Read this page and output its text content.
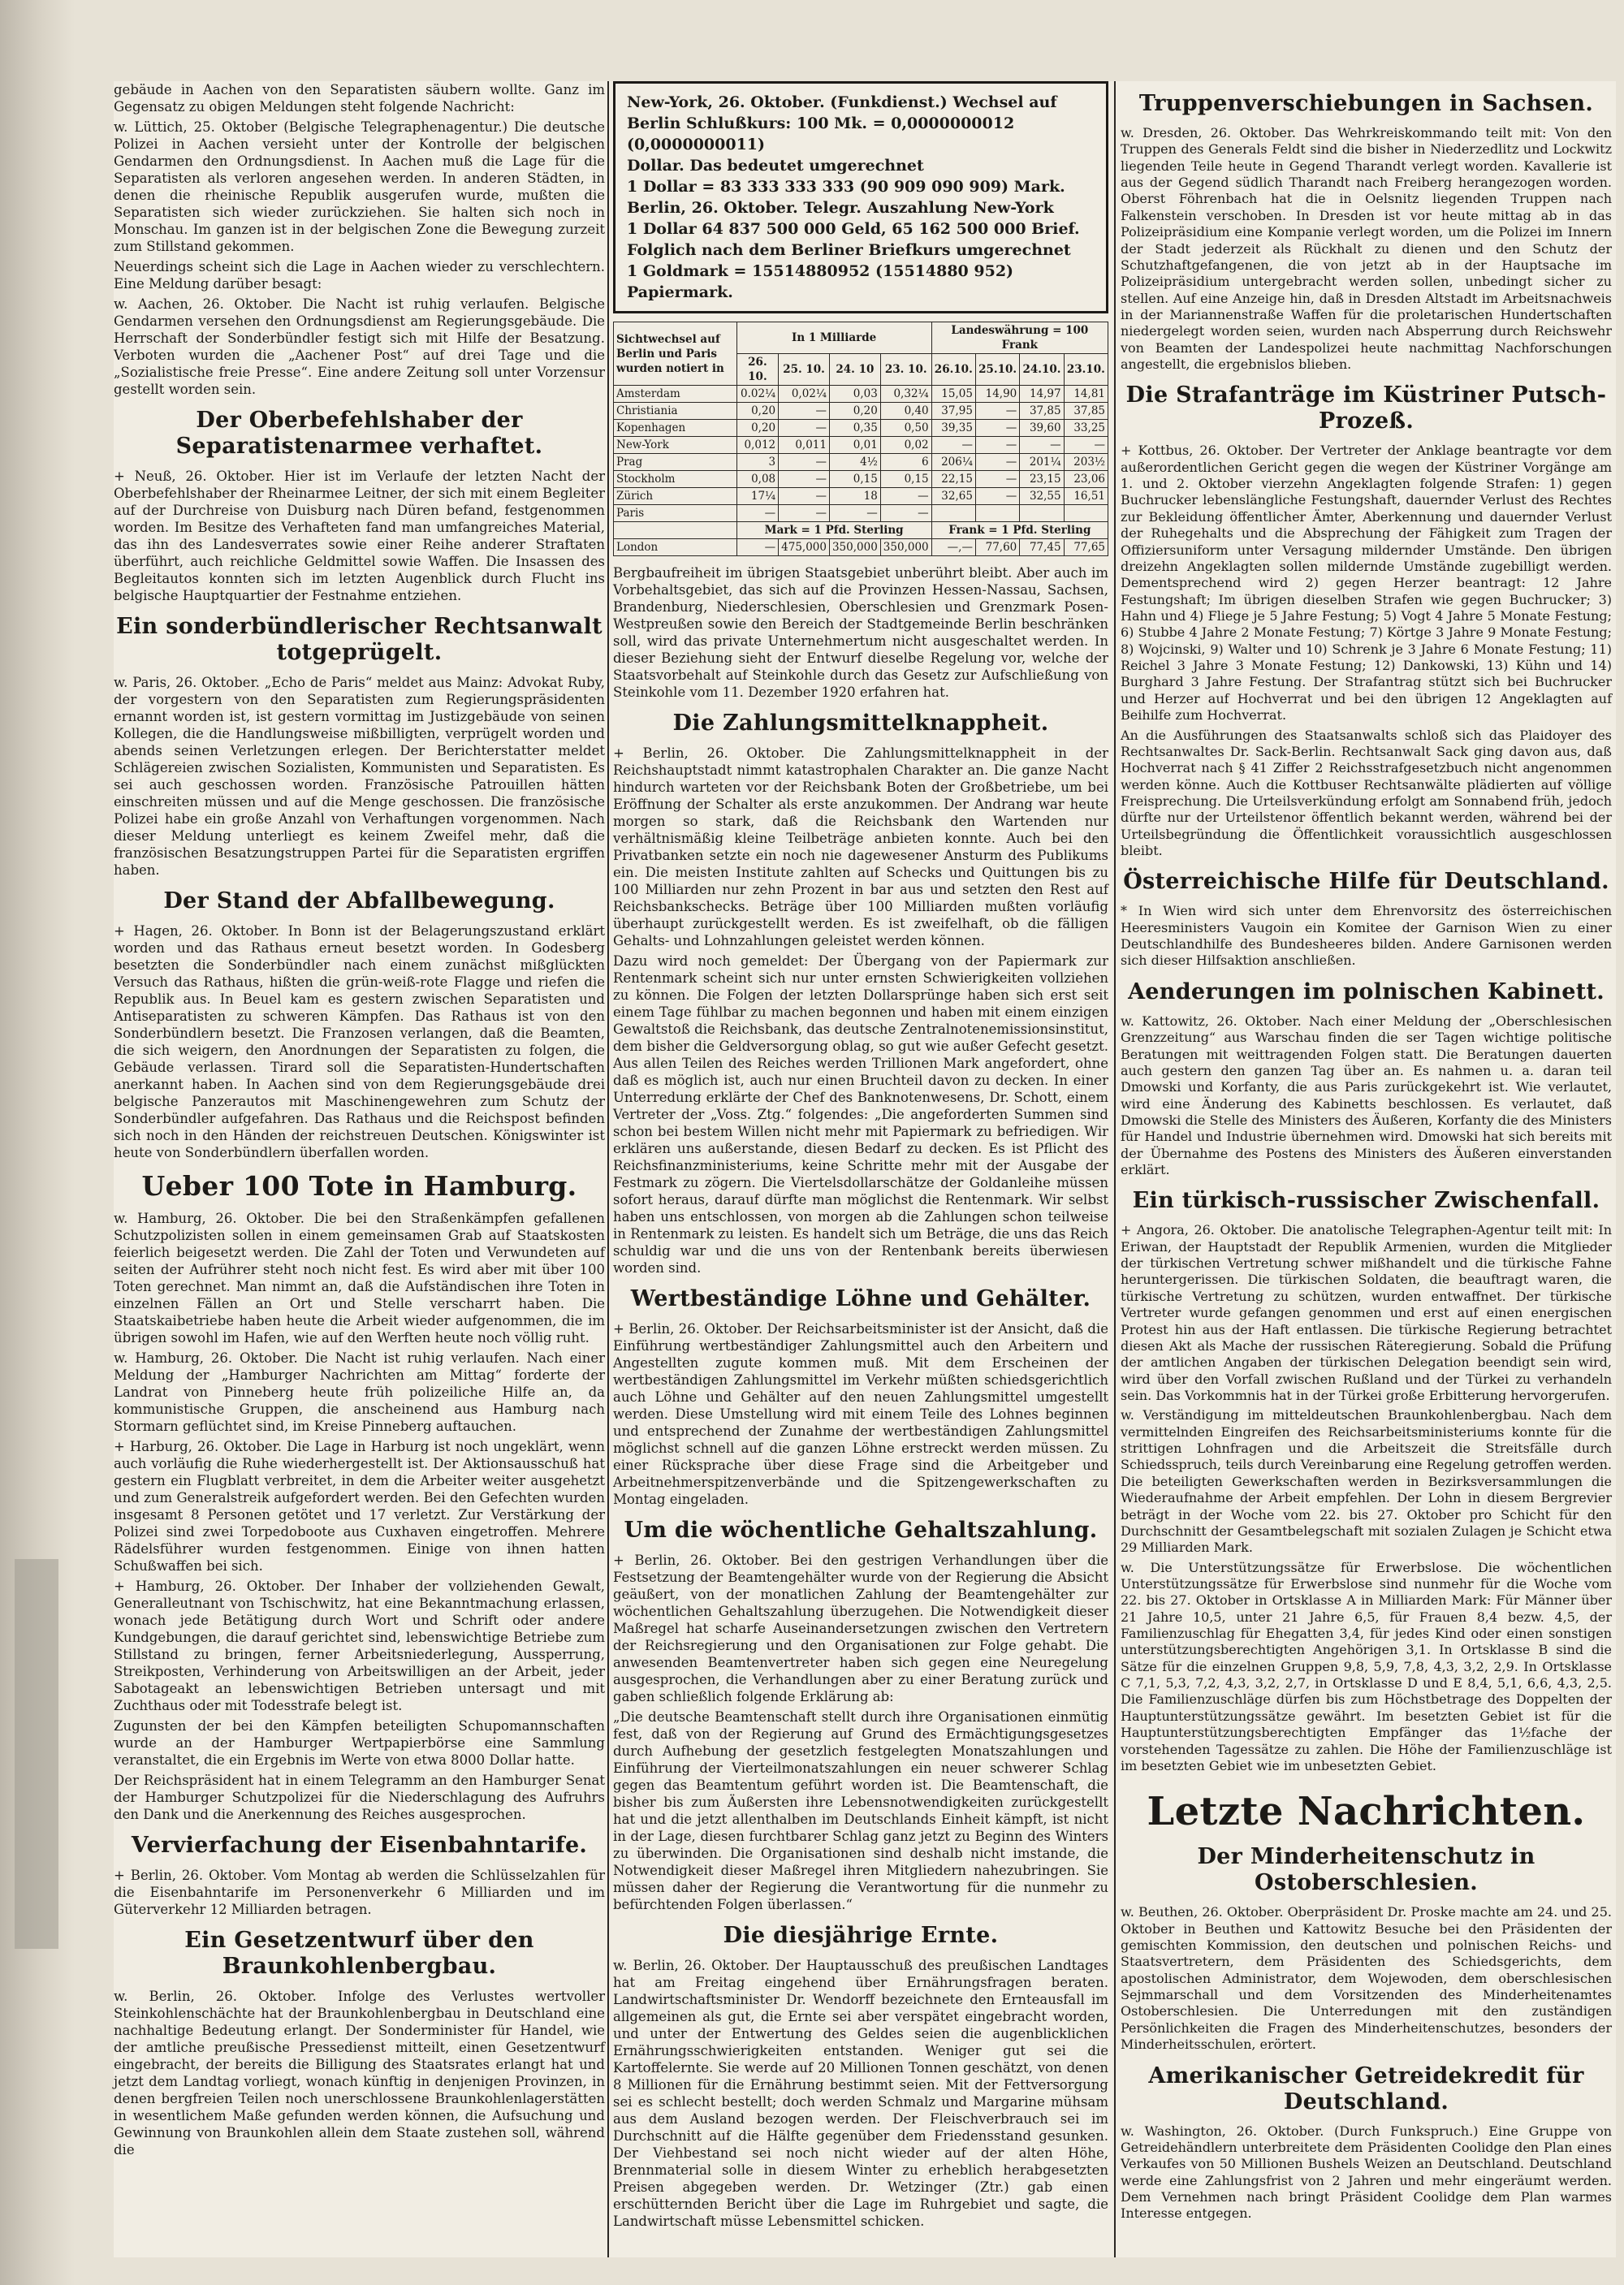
gebäude in Aachen von den Separatisten säubern wollte. Ganz im Gegensatz zu obigen Meldungen steht folgende Nachricht:

w. Lüttich, 25. Oktober (Belgische Telegraphenagentur.) Die deutsche Polizei in Aachen versieht unter der Kontrolle der belgischen Gendarmen den Ordnungsdienst. In Aachen muß die Lage für die Separatisten als verloren angesehen werden. In anderen Städten, in denen die rheinische Republik ausgerufen wurde, mußten die Separatisten sich wieder zurückziehen. Sie halten sich noch in Monschau. Im ganzen ist in der belgischen Zone die Bewegung zurzeit zum Stillstand gekommen.

Neuerdings scheint sich die Lage in Aachen wieder zu verschlechtern. Eine Meldung darüber besagt:

w. Aachen, 26. Oktober. Die Nacht ist ruhig verlaufen. Belgische Gendarmen versehen den Ordnungsdienst am Regierungsgebäude. Die Herrschaft der Sonderbündler festigt sich mit Hilfe der Besatzung. Verboten wurden die „Aachener Post“ auf drei Tage und die „Sozialistische freie Presse“. Eine andere Zeitung soll unter Vorzensur gestellt worden sein.

Der Oberbefehlshaber der Separatistenarmee verhaftet.

+ Neuß, 26. Oktober. Hier ist im Verlaufe der letzten Nacht der Oberbefehlshaber der Rheinarmee Leitner, der sich mit einem Begleiter auf der Durchreise von Duisburg nach Düren befand, festgenommen worden. Im Besitze des Verhafteten fand man umfangreiches Material, das ihn des Landesverrates sowie einer Reihe anderer Straftaten überführt, auch reichliche Geldmittel sowie Waffen. Die Insassen des Begleitautos konnten sich im letzten Augenblick durch Flucht ins belgische Hauptquartier der Festnahme entziehen.

Ein sonderbündlerischer Rechtsanwalt totgeprügelt.

w. Paris, 26. Oktober. „Echo de Paris“ meldet aus Mainz: Advokat Ruby, der vorgestern von den Separatisten zum Regierungspräsidenten ernannt worden ist, ist gestern vormittag im Justizgebäude von seinen Kollegen, die die Handlungsweise mißbilligten, verprügelt worden und abends seinen Verletzungen erlegen. Der Berichterstatter meldet Schlägereien zwischen Sozialisten, Kommunisten und Separatisten. Es sei auch geschossen worden. Französische Patrouillen hätten einschreiten müssen und auf die Menge geschossen. Die französische Polizei habe ein große Anzahl von Verhaftungen vorgenommen. Nach dieser Meldung unterliegt es keinem Zweifel mehr, daß die französischen Besatzungstruppen Partei für die Separatisten ergriffen haben.

Der Stand der Abfallbewegung.

+ Hagen, 26. Oktober. In Bonn ist der Belagerungszustand erklärt worden und das Rathaus erneut besetzt worden. In Godesberg besetzten die Sonderbündler nach einem zunächst mißglückten Versuch das Rathaus, hißten die grün-weiß-rote Flagge und riefen die Republik aus. In Beuel kam es gestern zwischen Separatisten und Antiseparatisten zu schweren Kämpfen. Das Rathaus ist von den Sonderbündlern besetzt. Die Franzosen verlangen, daß die Beamten, die sich weigern, den Anordnungen der Separatisten zu folgen, die Gebäude verlassen. Tirard soll die Separatisten-Hundertschaften anerkannt haben. In Aachen sind von dem Regierungsgebäude drei belgische Panzerautos mit Maschinengewehren zum Schutz der Sonderbündler aufgefahren. Das Rathaus und die Reichspost befinden sich noch in den Händen der reichstreuen Deutschen. Königswinter ist heute von Sonderbündlern überfallen worden.

Ueber 100 Tote in Hamburg.

w. Hamburg, 26. Oktober. Die bei den Straßenkämpfen gefallenen Schutzpolizisten sollen in einem gemeinsamen Grab auf Staatskosten feierlich beigesetzt werden. Die Zahl der Toten und Verwundeten auf seiten der Aufrührer steht noch nicht fest. Es wird aber mit über 100 Toten gerechnet. Man nimmt an, daß die Aufständischen ihre Toten in einzelnen Fällen an Ort und Stelle verscharrt haben. Die Staatskaibetriebe haben heute die Arbeit wieder aufgenommen, die im übrigen sowohl im Hafen, wie auf den Werften heute noch völlig ruht.

w. Hamburg, 26. Oktober. Die Nacht ist ruhig verlaufen. Nach einer Meldung der „Hamburger Nachrichten am Mittag“ forderte der Landrat von Pinneberg heute früh polizeiliche Hilfe an, da kommunistische Gruppen, die anscheinend aus Hamburg nach Stormarn geflüchtet sind, im Kreise Pinneberg auftauchen.

+ Harburg, 26. Oktober. Die Lage in Harburg ist noch ungeklärt, wenn auch vorläufig die Ruhe wiederhergestellt ist. Der Aktionsausschuß hat gestern ein Flugblatt verbreitet, in dem die Arbeiter weiter ausgehetzt und zum Generalstreik aufgefordert werden. Bei den Gefechten wurden insgesamt 8 Personen getötet und 17 verletzt. Zur Verstärkung der Polizei sind zwei Torpedoboote aus Cuxhaven eingetroffen. Mehrere Rädelsführer wurden festgenommen. Einige von ihnen hatten Schußwaffen bei sich.

+ Hamburg, 26. Oktober. Der Inhaber der vollziehenden Gewalt, Generalleutnant von Tschischwitz, hat eine Bekanntmachung erlassen, wonach jede Betätigung durch Wort und Schrift oder andere Kundgebungen, die darauf gerichtet sind, lebenswichtige Betriebe zum Stillstand zu bringen, ferner Arbeitsniederlegung, Aussperrung, Streikposten, Verhinderung von Arbeitswilligen an der Arbeit, jeder Sabotageakt an lebenswichtigen Betrieben untersagt und mit Zuchthaus oder mit Todesstrafe belegt ist.

Zugunsten der bei den Kämpfen beteiligten Schupomannschaften wurde an der Hamburger Wertpapierbörse eine Sammlung veranstaltet, die ein Ergebnis im Werte von etwa 8000 Dollar hatte.

Der Reichspräsident hat in einem Telegramm an den Hamburger Senat der Hamburger Schutzpolizei für die Niederschlagung des Aufruhrs den Dank und die Anerkennung des Reiches ausgesprochen.

Vervierfachung der Eisenbahntarife.

+ Berlin, 26. Oktober. Vom Montag ab werden die Schlüsselzahlen für die Eisenbahntarife im Personenverkehr 6 Milliarden und im Güterverkehr 12 Milliarden betragen.

Ein Gesetzentwurf über den Braunkohlenbergbau.

w. Berlin, 26. Oktober. Infolge des Verlustes wertvoller Steinkohlenschächte hat der Braunkohlenbergbau in Deutschland eine nachhaltige Bedeutung erlangt. Der Sonderminister für Handel, wie der amtliche preußische Pressedienst mitteilt, einen Gesetzentwurf eingebracht, der bereits die Billigung des Staatsrates erlangt hat und jetzt dem Landtag vorliegt, wonach künftig in denjenigen Provinzen, in denen bergfreien Teilen noch unerschlossene Braunkohlenlagerstätten in wesentlichem Maße gefunden werden können, die Aufsuchung und Gewinnung von Braunkohlen allein dem Staate zustehen soll, während die

New-York, 26. Oktober. (Funkdienst.) Wechsel auf Berlin Schlußkurs: 100 Mk. = 0,0000000012 (0,0000000011)

Dollar. Das bedeutet umgerechnet

1 Dollar = 83 333 333 333 (90 909 090 909) Mark.

Berlin, 26. Oktober. Telegr. Auszahlung New-York

1 Dollar 64 837 500 000 Geld, 65 162 500 000 Brief.

Folglich nach dem Berliner Briefkurs umgerechnet

1 Goldmark = 15514880952 (15514880 952) Papiermark.

Sichtwechsel auf Berlin und Paris wurden notiert in	In 1 Milliarde				Landeswährung = 100 Frank			
	26. 10.	25. 10.	24. 10	23. 10.	26.10.	25.10.	24.10.	23.10.
Amsterdam	0.02¼	0,02¼	0,03	0,32¼	15,05	14,90	14,97	14,81
Christiania	0,20	—	0,20	0,40	37,95	—	37,85	37,85
Kopenhagen	0,20	—	0,35	0,50	39,35	—	39,60	33,25
New-York	0,012	0,011	0,01	0,02	—	—	—	—
Prag	3	—	4½	6	206¼	—	201¼	203½
Stockholm	0,08	—	0,15	0,15	22,15	—	23,15	23,06
Zürich	17¼	—	18	—	32,65	—	32,55	16,51
Paris	—	—	—	—				
	Mark = 1 Pfd. Sterling				Frank = 1 Pfd. Sterling			
London	—	475,000	350,000	350,000	—,—	77,60	77,45	77,65

Bergbaufreiheit im übrigen Staatsgebiet unberührt bleibt. Aber auch im Vorbehaltsgebiet, das sich auf die Provinzen Hessen-Nassau, Sachsen, Brandenburg, Niederschlesien, Oberschlesien und Grenzmark Posen-Westpreußen sowie den Bereich der Stadtgemeinde Berlin beschränken soll, wird das private Unternehmertum nicht ausgeschaltet werden. In dieser Beziehung sieht der Entwurf dieselbe Regelung vor, welche der Staatsvorbehalt auf Steinkohle durch das Gesetz zur Aufschließung von Steinkohle vom 11. Dezember 1920 erfahren hat.

Die Zahlungsmittelknappheit.

+ Berlin, 26. Oktober. Die Zahlungsmittelknappheit in der Reichshauptstadt nimmt katastrophalen Charakter an. Die ganze Nacht hindurch warteten vor der Reichsbank Boten der Großbetriebe, um bei Eröffnung der Schalter als erste anzukommen. Der Andrang war heute morgen so stark, daß die Reichsbank den Wartenden nur verhältnismäßig kleine Teilbeträge anbieten konnte. Auch bei den Privatbanken setzte ein noch nie dagewesener Ansturm des Publikums ein. Die meisten Institute zahlten auf Schecks und Quittungen bis zu 100 Milliarden nur zehn Prozent in bar aus und setzten den Rest auf Reichsbankschecks. Beträge über 100 Milliarden mußten vorläufig überhaupt zurückgestellt werden. Es ist zweifelhaft, ob die fälligen Gehalts- und Lohnzahlungen geleistet werden können.

Dazu wird noch gemeldet: Der Übergang von der Papiermark zur Rentenmark scheint sich nur unter ernsten Schwierigkeiten vollziehen zu können. Die Folgen der letzten Dollarsprünge haben sich erst seit einem Tage fühlbar zu machen begonnen und haben mit einem einzigen Gewaltstoß die Reichsbank, das deutsche Zentralnotenemissionsinstitut, dem bisher die Geldversorgung oblag, so gut wie außer Gefecht gesetzt. Aus allen Teilen des Reiches werden Trillionen Mark angefordert, ohne daß es möglich ist, auch nur einen Bruchteil davon zu decken. In einer Unterredung erklärte der Chef des Banknotenwesens, Dr. Schott, einem Vertreter der „Voss. Ztg.“ folgendes: „Die angeforderten Summen sind schon bei bestem Willen nicht mehr mit Papiermark zu befriedigen. Wir erklären uns außerstande, diesen Bedarf zu decken. Es ist Pflicht des Reichsfinanzministeriums, keine Schritte mehr mit der Ausgabe der Festmark zu zögern. Die Viertelsdollarschätze der Goldanleihe müssen sofort heraus, darauf dürfte man möglichst die Rentenmark. Wir selbst haben uns entschlossen, von morgen ab die Zahlungen schon teilweise in Rentenmark zu leisten. Es handelt sich um Beträge, die uns das Reich schuldig war und die uns von der Rentenbank bereits überwiesen worden sind.

Wertbeständige Löhne und Gehälter.

+ Berlin, 26. Oktober. Der Reichsarbeitsminister ist der Ansicht, daß die Einführung wertbeständiger Zahlungsmittel auch den Arbeitern und Angestellten zugute kommen muß. Mit dem Erscheinen der wertbeständigen Zahlungsmittel im Verkehr müßten schiedsgerichtlich auch Löhne und Gehälter auf den neuen Zahlungsmittel umgestellt werden. Diese Umstellung wird mit einem Teile des Lohnes beginnen und entsprechend der Zunahme der wertbeständigen Zahlungsmittel möglichst schnell auf die ganzen Löhne erstreckt werden müssen. Zu einer Rücksprache über diese Frage sind die Arbeitgeber und Arbeitnehmerspitzenverbände und die Spitzengewerkschaften zu Montag eingeladen.

Um die wöchentliche Gehaltszahlung.

+ Berlin, 26. Oktober. Bei den gestrigen Verhandlungen über die Festsetzung der Beamtengehälter wurde von der Regierung die Absicht geäußert, von der monatlichen Zahlung der Beamtengehälter zur wöchentlichen Gehaltszahlung überzugehen. Die Notwendigkeit dieser Maßregel hat scharfe Auseinandersetzungen zwischen den Vertretern der Reichsregierung und den Organisationen zur Folge gehabt. Die anwesenden Beamtenvertreter haben sich gegen eine Neuregelung ausgesprochen, die Verhandlungen aber zu einer Beratung zurück und gaben schließlich folgende Erklärung ab:

„Die deutsche Beamtenschaft stellt durch ihre Organisationen einmütig fest, daß von der Regierung auf Grund des Ermächtigungsgesetzes durch Aufhebung der gesetzlich festgelegten Monatszahlungen und Einführung der Vierteilmonatszahlungen ein neuer schwerer Schlag gegen das Beamtentum geführt worden ist. Die Beamtenschaft, die bisher bis zum Äußersten ihre Lebensnotwendigkeiten zurückgestellt hat und die jetzt allenthalben im Deutschlands Einheit kämpft, ist nicht in der Lage, diesen furchtbarer Schlag ganz jetzt zu Beginn des Winters zu überwinden. Die Organisationen sind deshalb nicht imstande, die Notwendigkeit dieser Maßregel ihren Mitgliedern nahezubringen. Sie müssen daher der Regierung die Verantwortung für die nunmehr zu befürchtenden Folgen überlassen.“

Die diesjährige Ernte.

w. Berlin, 26. Oktober. Der Hauptausschuß des preußischen Landtages hat am Freitag eingehend über Ernährungsfragen beraten. Landwirtschaftsminister Dr. Wendorff bezeichnete den Ernteausfall im allgemeinen als gut, die Ernte sei aber verspätet eingebracht worden, und unter der Entwertung des Geldes seien die augenblicklichen Ernährungsschwierigkeiten entstanden. Weniger gut sei die Kartoffelernte. Sie werde auf 20 Millionen Tonnen geschätzt, von denen 8 Millionen für die Ernährung bestimmt seien. Mit der Fettversorgung sei es schlecht bestellt; doch werden Schmalz und Margarine mühsam aus dem Ausland bezogen werden. Der Fleischverbrauch sei im Durchschnitt auf die Hälfte gegenüber dem Friedensstand gesunken. Der Viehbestand sei noch nicht wieder auf der alten Höhe, Brennmaterial solle in diesem Winter zu erheblich herabgesetzten Preisen abgegeben werden. Dr. Wetzinger (Ztr.) gab einen erschütternden Bericht über die Lage im Ruhrgebiet und sagte, die Landwirtschaft müsse Lebensmittel schicken.

Truppenverschiebungen in Sachsen.

w. Dresden, 26. Oktober. Das Wehrkreiskommando teilt mit: Von den Truppen des Generals Feldt sind die bisher in Niederzedlitz und Lockwitz liegenden Teile heute in Gegend Tharandt verlegt worden. Kavallerie ist aus der Gegend südlich Tharandt nach Freiberg herangezogen worden. Oberst Föhrenbach hat die in Oelsnitz liegenden Truppen nach Falkenstein verschoben. In Dresden ist vor heute mittag ab in das Polizeipräsidium eine Kompanie verlegt worden, um die Polizei im Innern der Stadt jederzeit als Rückhalt zu dienen und den Schutz der Schutzhaftgefangenen, die von jetzt ab in der Hauptsache im Polizeipräsidium untergebracht werden sollen, unbedingt sicher zu stellen. Auf eine Anzeige hin, daß in Dresden Altstadt im Arbeitsnachweis in der Mariannenstraße Waffen für die proletarischen Hundertschaften niedergelegt worden seien, wurden nach Absperrung durch Reichswehr von Beamten der Landespolizei heute nachmittag Nachforschungen angestellt, die ergebnislos blieben.

Die Strafanträge im Küstriner Putsch-Prozeß.

+ Kottbus, 26. Oktober. Der Vertreter der Anklage beantragte vor dem außerordentlichen Gericht gegen die wegen der Küstriner Vorgänge am 1. und 2. Oktober vierzehn Angeklagten folgende Strafen: 1) gegen Buchrucker lebenslängliche Festungshaft, dauernder Verlust des Rechtes zur Bekleidung öffentlicher Ämter, Aberkennung und dauernder Verlust der Ruhegehalts und die Absprechung der Fähigkeit zum Tragen der Offiziersuniform unter Versagung mildernder Umstände. Den übrigen dreizehn Angeklagten sollen mildernde Umstände zugebilligt werden. Dementsprechend wird 2) gegen Herzer beantragt: 12 Jahre Festungshaft; Im übrigen dieselben Strafen wie gegen Buchrucker; 3) Hahn und 4) Fliege je 5 Jahre Festung; 5) Vogt 4 Jahre 5 Monate Festung; 6) Stubbe 4 Jahre 2 Monate Festung; 7) Körtge 3 Jahre 9 Monate Festung; 8) Wojcinski, 9) Walter und 10) Schrenk je 3 Jahre 6 Monate Festung; 11) Reichel 3 Jahre 3 Monate Festung; 12) Dankowski, 13) Kühn und 14) Burghard 3 Jahre Festung. Der Strafantrag stützt sich bei Buchrucker und Herzer auf Hochverrat und bei den übrigen 12 Angeklagten auf Beihilfe zum Hochverrat.

An die Ausführungen des Staatsanwalts schloß sich das Plaidoyer des Rechtsanwaltes Dr. Sack-Berlin. Rechtsanwalt Sack ging davon aus, daß Hochverrat nach § 41 Ziffer 2 Reichsstrafgesetzbuch nicht angenommen werden könne. Auch die Kottbuser Rechtsanwälte plädierten auf völlige Freisprechung. Die Urteilsverkündung erfolgt am Sonnabend früh, jedoch dürfte nur der Urteilstenor öffentlich bekannt werden, während bei der Urteilsbegründung die Öffentlichkeit voraussichtlich ausgeschlossen bleibt.

Österreichische Hilfe für Deutschland.

* In Wien wird sich unter dem Ehrenvorsitz des österreichischen Heeresministers Vaugoin ein Komitee der Garnison Wien zu einer Deutschlandhilfe des Bundesheeres bilden. Andere Garnisonen werden sich dieser Hilfsaktion anschließen.

Aenderungen im polnischen Kabinett.

w. Kattowitz, 26. Oktober. Nach einer Meldung der „Oberschlesischen Grenzzeitung“ aus Warschau finden die ser Tagen wichtige politische Beratungen mit weittragenden Folgen statt. Die Beratungen dauerten auch gestern den ganzen Tag über an. Es nahmen u. a. daran teil Dmowski und Korfanty, die aus Paris zurückgekehrt ist. Wie verlautet, wird eine Änderung des Kabinetts beschlossen. Es verlautet, daß Dmowski die Stelle des Ministers des Äußeren, Korfanty die des Ministers für Handel und Industrie übernehmen wird. Dmowski hat sich bereits mit der Übernahme des Postens des Ministers des Äußeren einverstanden erklärt.

Ein türkisch-russischer Zwischenfall.

+ Angora, 26. Oktober. Die anatolische Telegraphen-Agentur teilt mit: In Eriwan, der Hauptstadt der Republik Armenien, wurden die Mitglieder der türkischen Vertretung schwer mißhandelt und die türkische Fahne heruntergerissen. Die türkischen Soldaten, die beauftragt waren, die türkische Vertretung zu schützen, wurden entwaffnet. Der türkische Vertreter wurde gefangen genommen und erst auf einen energischen Protest hin aus der Haft entlassen. Die türkische Regierung betrachtet diesen Akt als Mache der russischen Räteregierung. Sobald die Prüfung der amtlichen Angaben der türkischen Delegation beendigt sein wird, wird über den Vorfall zwischen Rußland und der Türkei zu verhandeln sein. Das Vorkommnis hat in der Türkei große Erbitterung hervorgerufen.

w. Verständigung im mitteldeutschen Braunkohlenbergbau. Nach dem vermittelnden Eingreifen des Reichsarbeitsministeriums konnte für die strittigen Lohnfragen und die Arbeitszeit die Streitsfälle durch Schiedsspruch, teils durch Vereinbarung eine Regelung getroffen werden. Die beteiligten Gewerkschaften werden in Bezirksversammlungen die Wiederaufnahme der Arbeit empfehlen. Der Lohn in diesem Bergrevier beträgt in der Woche vom 22. bis 27. Oktober pro Schicht für den Durchschnitt der Gesamtbelegschaft mit sozialen Zulagen je Schicht etwa 29 Milliarden Mark.

w. Die Unterstützungssätze für Erwerbslose. Die wöchentlichen Unterstützungssätze für Erwerbslose sind nunmehr für die Woche vom 22. bis 27. Oktober in Ortsklasse A in Milliarden Mark: Für Männer über 21 Jahre 10,5, unter 21 Jahre 6,5, für Frauen 8,4 bezw. 4,5, der Familienzuschlag für Ehegatten 3,4, für jedes Kind oder einen sonstigen unterstützungsberechtigten Angehörigen 3,1. In Ortsklasse B sind die Sätze für die einzelnen Gruppen 9,8, 5,9, 7,8, 4,3, 3,2, 2,9. In Ortsklasse C 7,1, 5,3, 7,2, 4,3, 3,2, 2,7, in Ortsklasse D und E 8,4, 5,1, 6,6, 4,3, 2,5. Die Familienzuschläge dürfen bis zum Höchstbetrage des Doppelten der Hauptunterstützungssätze gewährt. Im besetzten Gebiet ist für die Hauptunterstützungsberechtigten Empfänger das 1½fache der vorstehenden Tagessätze zu zahlen. Die Höhe der Familienzuschläge ist im besetzten Gebiet wie im unbesetzten Gebiet.

Letzte Nachrichten.
Der Minderheitenschutz in Ostoberschlesien.

w. Beuthen, 26. Oktober. Oberpräsident Dr. Proske machte am 24. und 25. Oktober in Beuthen und Kattowitz Besuche bei den Präsidenten der gemischten Kommission, den deutschen und polnischen Reichs- und Staatsvertretern, dem Präsidenten des Schiedsgerichts, dem apostolischen Administrator, dem Wojewoden, dem oberschlesischen Sejmmarschall und dem Vorsitzenden des Minderheitenamtes Ostoberschlesien. Die Unterredungen mit den zuständigen Persönlichkeiten die Fragen des Minderheitenschutzes, besonders der Minderheitsschulen, erörtert.

Amerikanischer Getreidekredit für Deutschland.

w. Washington, 26. Oktober. (Durch Funkspruch.) Eine Gruppe von Getreidehändlern unterbreitete dem Präsidenten Coolidge den Plan eines Verkaufes von 50 Millionen Bushels Weizen an Deutschland. Deutschland werde eine Zahlungsfrist von 2 Jahren und mehr eingeräumt werden. Dem Vernehmen nach bringt Präsident Coolidge dem Plan warmes Interesse entgegen.
